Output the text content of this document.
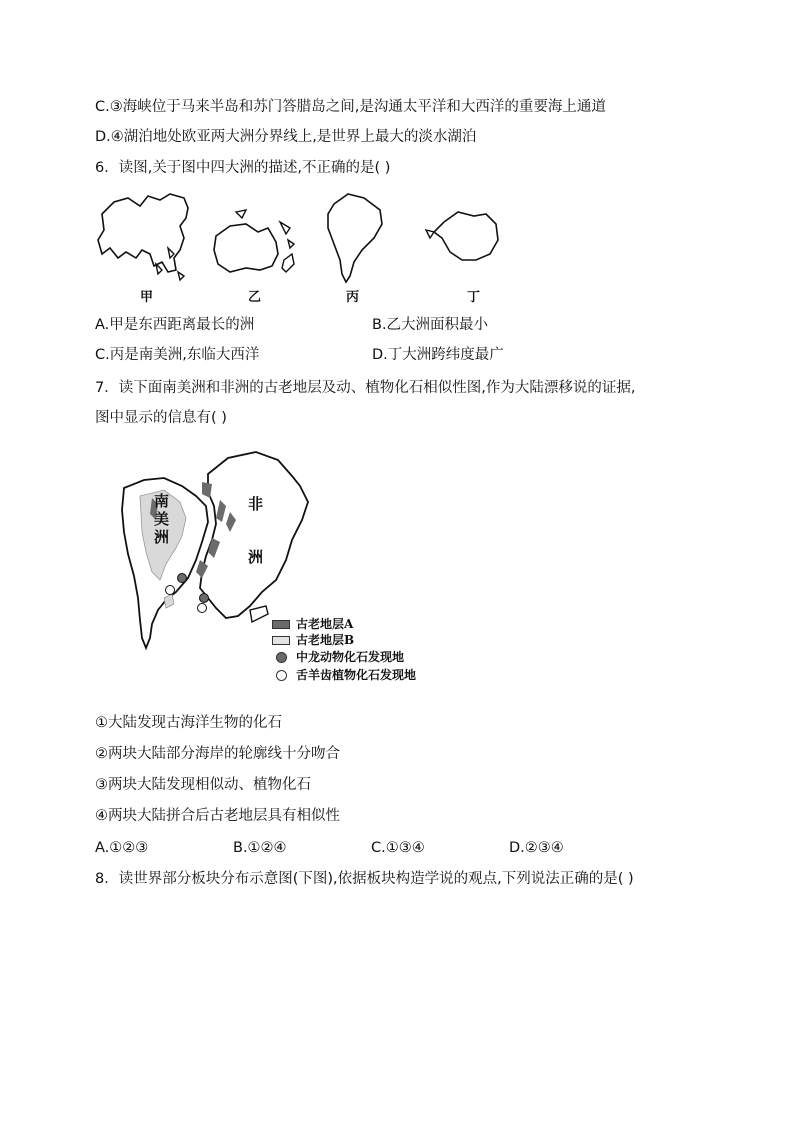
C.③海峡位于马来半岛和苏门答腊岛之间,是沟通太平洋和大西洋的重要海上通道
D.④湖泊地处欧亚两大洲分界线上,是世界上最大的淡水湖泊
6．读图,关于图中四大洲的描述,不正确的是( )
甲	乙	丙	丁
A.甲是东西距离最长的洲	B.乙大洲面积最小
C.丙是南美洲,东临大西洋	D.丁大洲跨纬度最广
7．读下面南美洲和非洲的古老地层及动、植物化石相似性图,作为大陆漂移说的证据,
图中显示的信息有( )
南
美
洲
非
洲
古老地层A
古老地层B
中龙动物化石发现地
舌羊齿植物化石发现地
①大陆发现古海洋生物的化石
②两块大陆部分海岸的轮廓线十分吻合
③两块大陆发现相似动、植物化石
④两块大陆拼合后古老地层具有相似性
A.①②③	B.①②④	C.①③④	D.②③④
8．读世界部分板块分布示意图(下图),依据板块构造学说的观点,下列说法正确的是( )
